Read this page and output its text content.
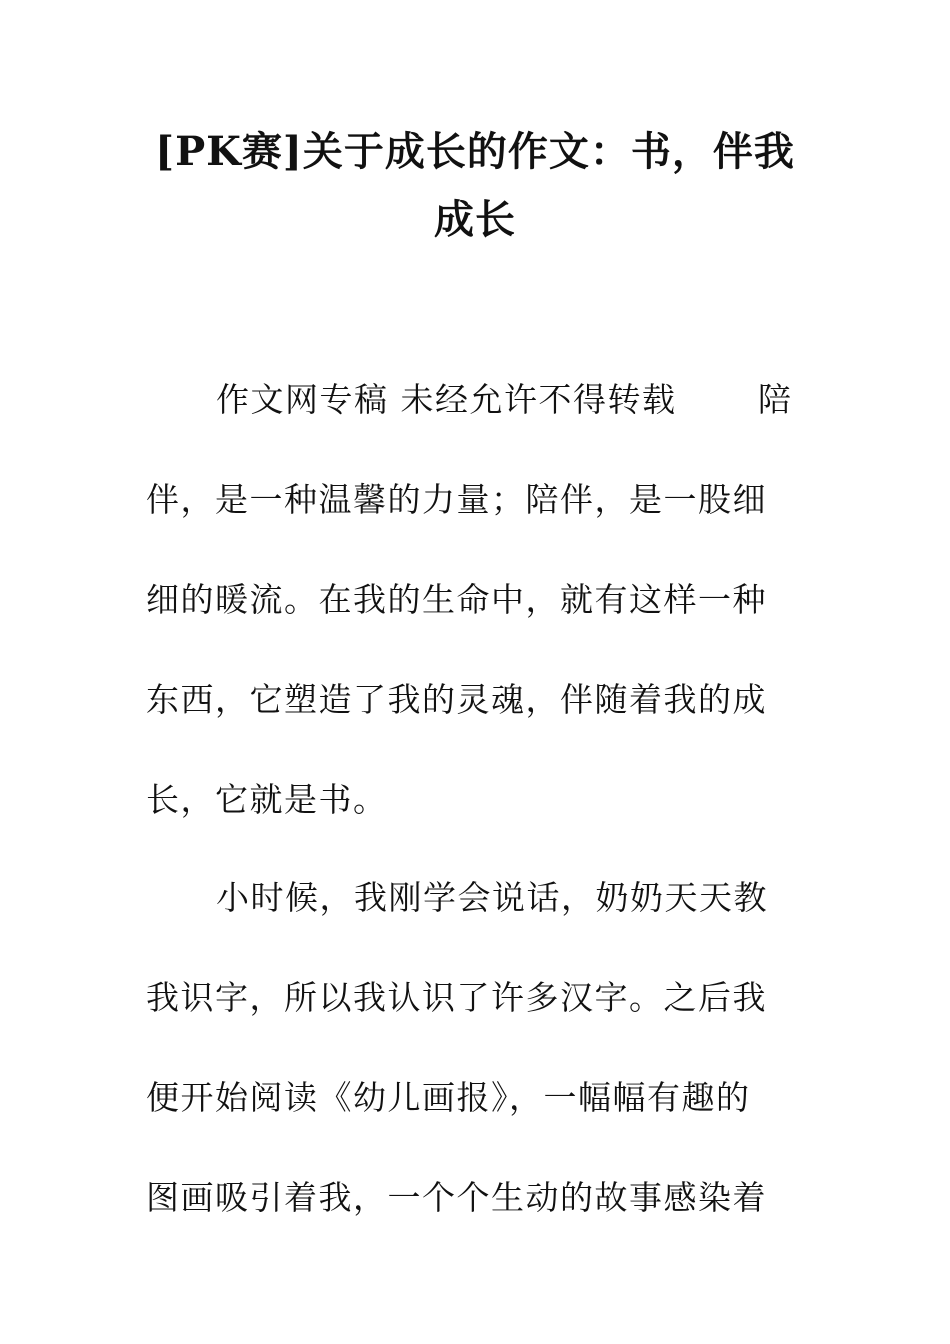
[PK赛]关于成长的作文：书，伴我
成长
作文网专稿 未经允许不得转载 陪
伴，是一种温馨的力量；陪伴，是一股细
细的暖流。在我的生命中，就有这样一种
东西，它塑造了我的灵魂，伴随着我的成
长，它就是书。
小时候，我刚学会说话，奶奶天天教
我识字，所以我认识了许多汉字。之后我
便开始阅读《幼儿画报》，一幅幅有趣的
图画吸引着我，一个个生动的故事感染着
